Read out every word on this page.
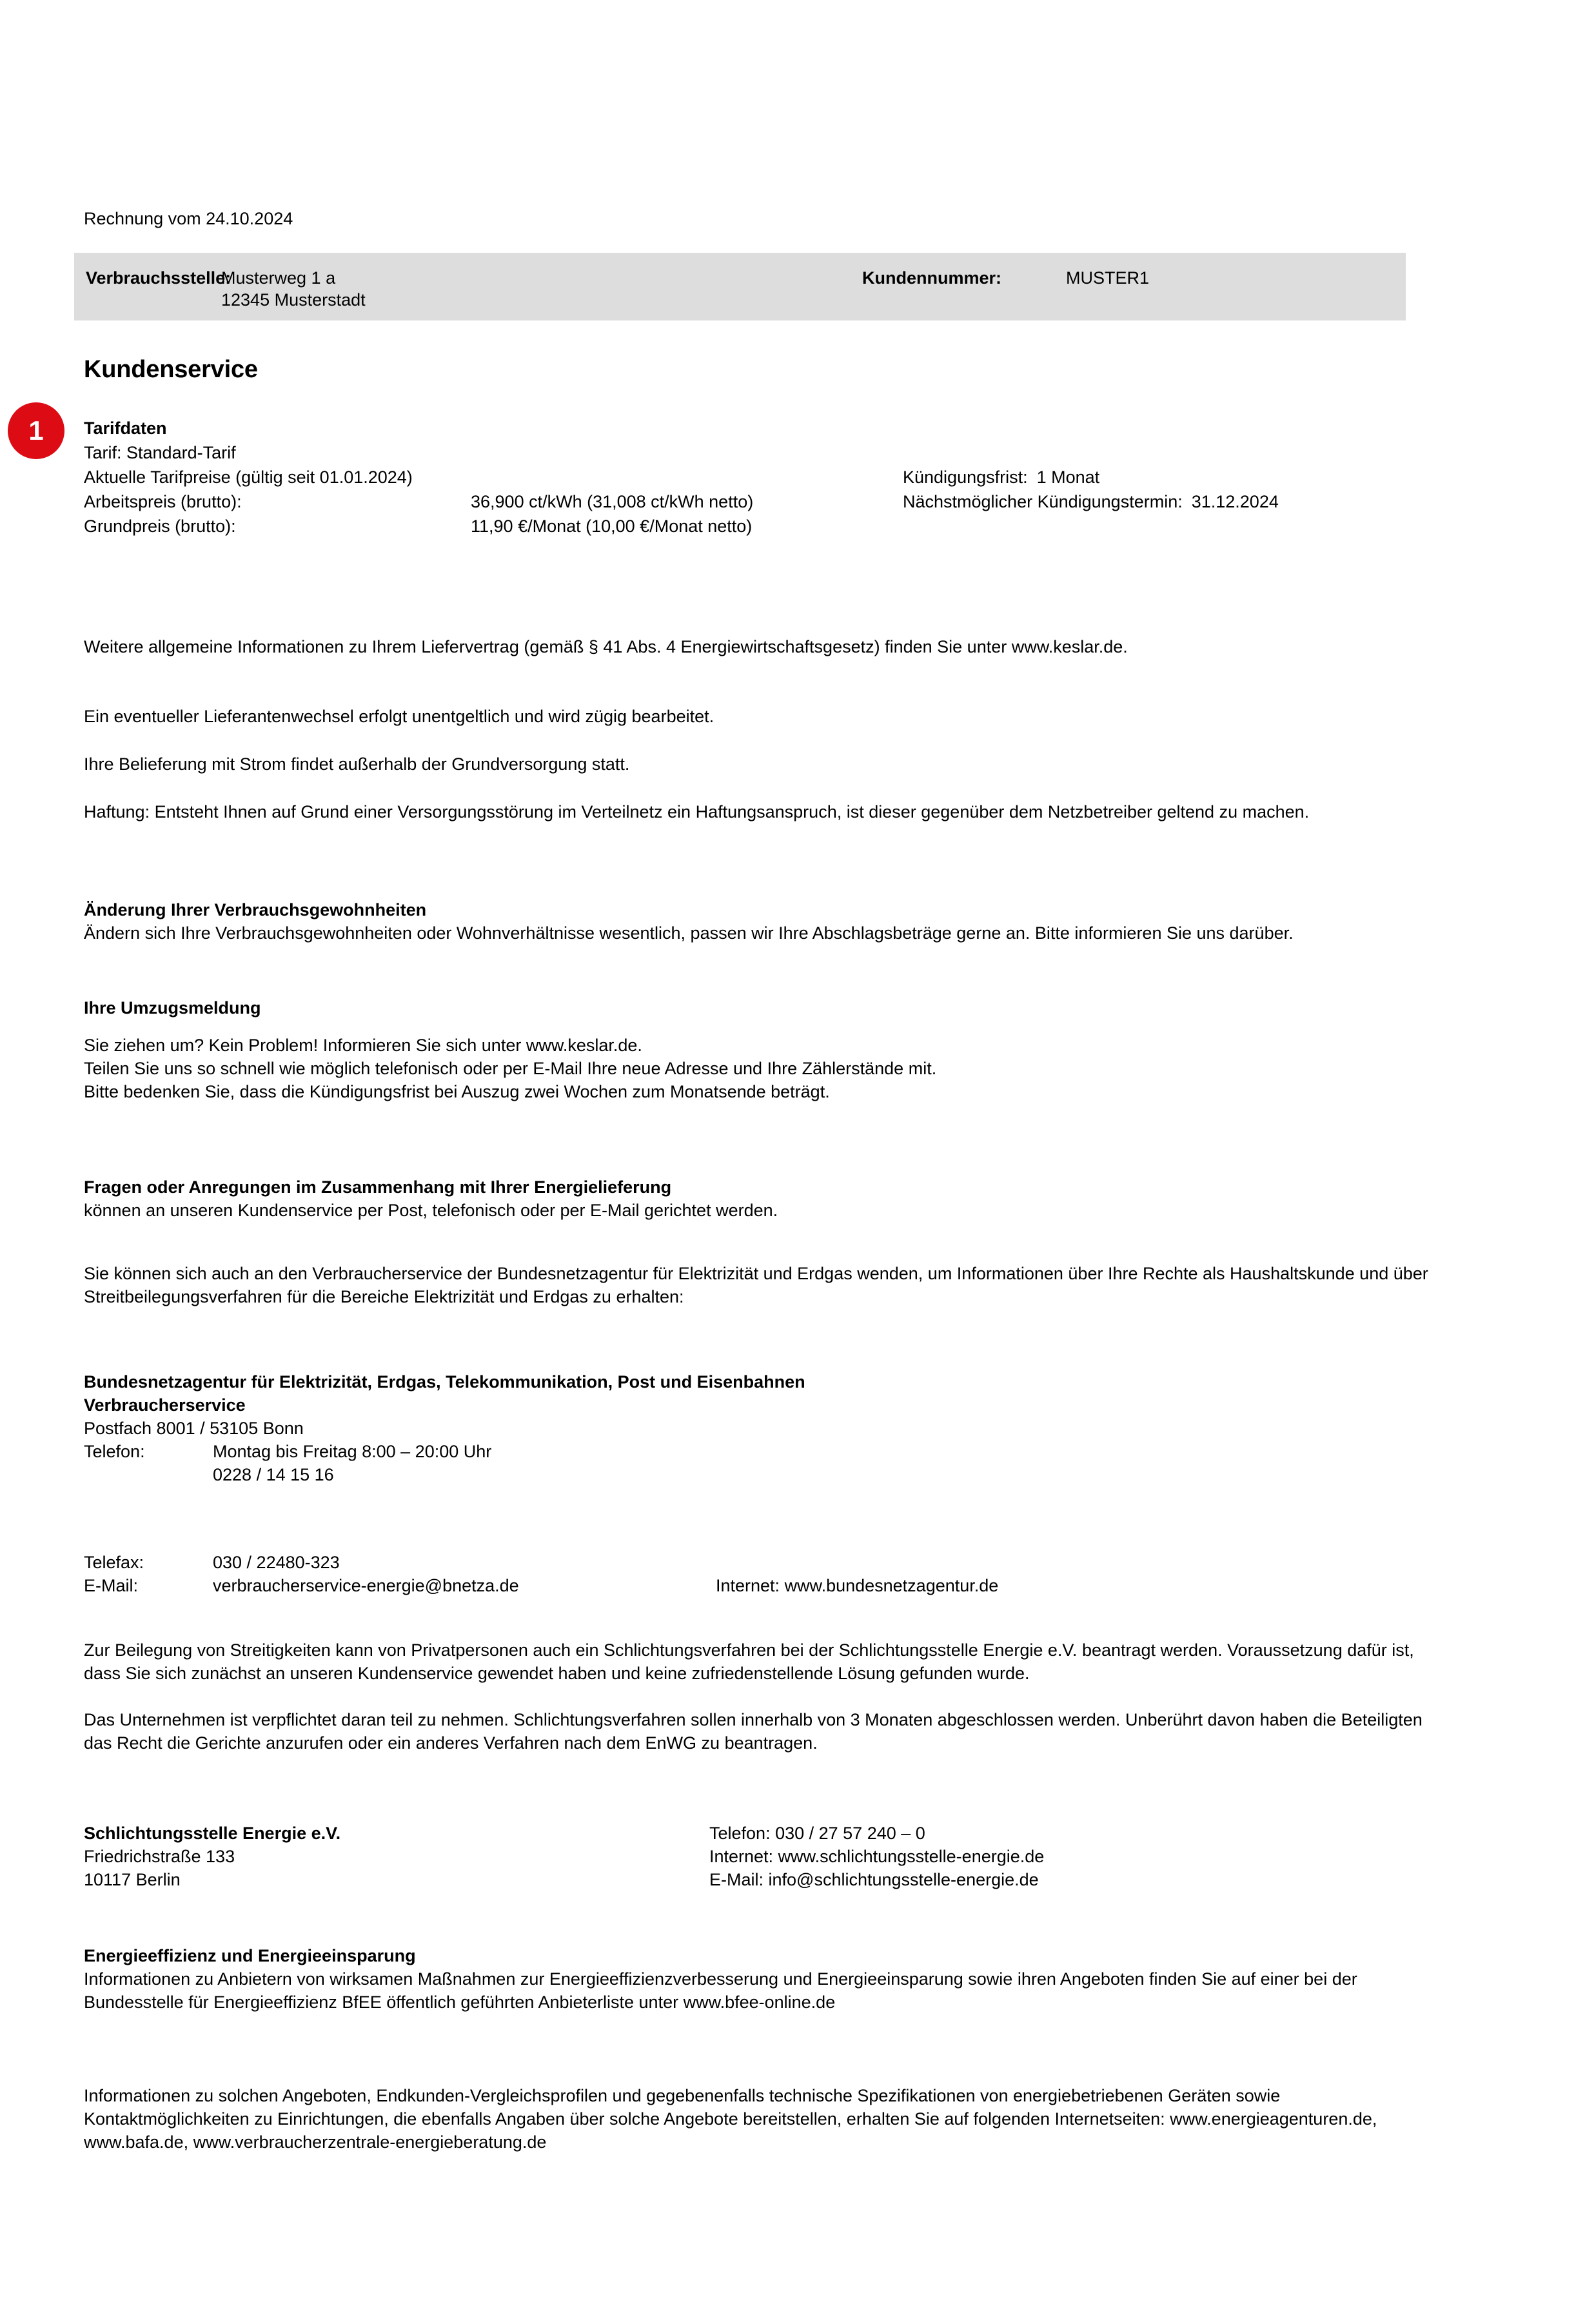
Rechnung vom 24.10.2024
Verbrauchsstelle:
Musterweg 1 a
12345 Musterstadt
Kundennummer:	MUSTER1
Kundenservice
1	Tarifdaten
Tarif: Standard-Tarif
Aktuelle Tarifpreise (gültig seit 01.01.2024)	Kündigungsfrist: 1 Monat
Arbeitspreis (brutto):	36,900 ct/kWh (31,008 ct/kWh netto)	Nächstmöglicher Kündigungstermin: 31.12.2024
Grundpreis (brutto):	11,90 €/Monat (10,00 €/Monat netto)
Weitere allgemeine Informationen zu Ihrem Liefervertrag (gemäß § 41 Abs. 4 Energiewirtschaftsgesetz) finden Sie unter www.keslar.de.
Ein eventueller Lieferantenwechsel erfolgt unentgeltlich und wird zügig bearbeitet.
Ihre Belieferung mit Strom findet außerhalb der Grundversorgung statt.
Haftung: Entsteht Ihnen auf Grund einer Versorgungsstörung im Verteilnetz ein Haftungsanspruch, ist dieser gegenüber dem Netzbetreiber geltend zu machen.
Änderung Ihrer Verbrauchsgewohnheiten
Ändern sich Ihre Verbrauchsgewohnheiten oder Wohnverhältnisse wesentlich, passen wir Ihre Abschlagsbeträge gerne an. Bitte informieren Sie uns darüber.
Ihre Umzugsmeldung
Sie ziehen um? Kein Problem! Informieren Sie sich unter www.keslar.de.
Teilen Sie uns so schnell wie möglich telefonisch oder per E-Mail Ihre neue Adresse und Ihre Zählerstände mit.
Bitte bedenken Sie, dass die Kündigungsfrist bei Auszug zwei Wochen zum Monatsende beträgt.
Fragen oder Anregungen im Zusammenhang mit Ihrer Energielieferung
können an unseren Kundenservice per Post, telefonisch oder per E-Mail gerichtet werden.
Sie können sich auch an den Verbraucherservice der Bundesnetzagentur für Elektrizität und Erdgas wenden, um Informationen über Ihre Rechte als Haushaltskunde und über Streitbeilegungsverfahren für die Bereiche Elektrizität und Erdgas zu erhalten:
Bundesnetzagentur für Elektrizität, Erdgas, Telekommunikation, Post und Eisenbahnen
Verbraucherservice
Postfach 8001 / 53105 Bonn
Telefon:	Montag bis Freitag 8:00 – 20:00 Uhr
0228 / 14 15 16
Telefax:	030 / 22480-323
E-Mail:	verbraucherservice-energie@bnetza.de	Internet: www.bundesnetzagentur.de
Zur Beilegung von Streitigkeiten kann von Privatpersonen auch ein Schlichtungsverfahren bei der Schlichtungsstelle Energie e.V. beantragt werden. Voraussetzung dafür ist, dass Sie sich zunächst an unseren Kundenservice gewendet haben und keine zufriedenstellende Lösung gefunden wurde.
Das Unternehmen ist verpflichtet daran teil zu nehmen. Schlichtungsverfahren sollen innerhalb von 3 Monaten abgeschlossen werden. Unberührt davon haben die Beteiligten das Recht die Gerichte anzurufen oder ein anderes Verfahren nach dem EnWG zu beantragen.
Schlichtungsstelle Energie e.V.
Friedrichstraße 133
10117 Berlin
Telefon: 030 / 27 57 240 – 0
Internet: www.schlichtungsstelle-energie.de
E-Mail: info@schlichtungsstelle-energie.de
Energieeffizienz und Energieeinsparung
Informationen zu Anbietern von wirksamen Maßnahmen zur Energieeffizienzverbesserung und Energieeinsparung sowie ihren Angeboten finden Sie auf einer bei der Bundesstelle für Energieeffizienz BfEE öffentlich geführten Anbieterliste unter www.bfee-online.de
Informationen zu solchen Angeboten, Endkunden-Vergleichsprofilen und gegebenenfalls technische Spezifikationen von energiebetriebenen Geräten sowie Kontaktmöglichkeiten zu Einrichtungen, die ebenfalls Angaben über solche Angebote bereitstellen, erhalten Sie auf folgenden Internetseiten: www.energieagenturen.de, www.bafa.de, www.verbraucherzentrale-energieberatung.de
